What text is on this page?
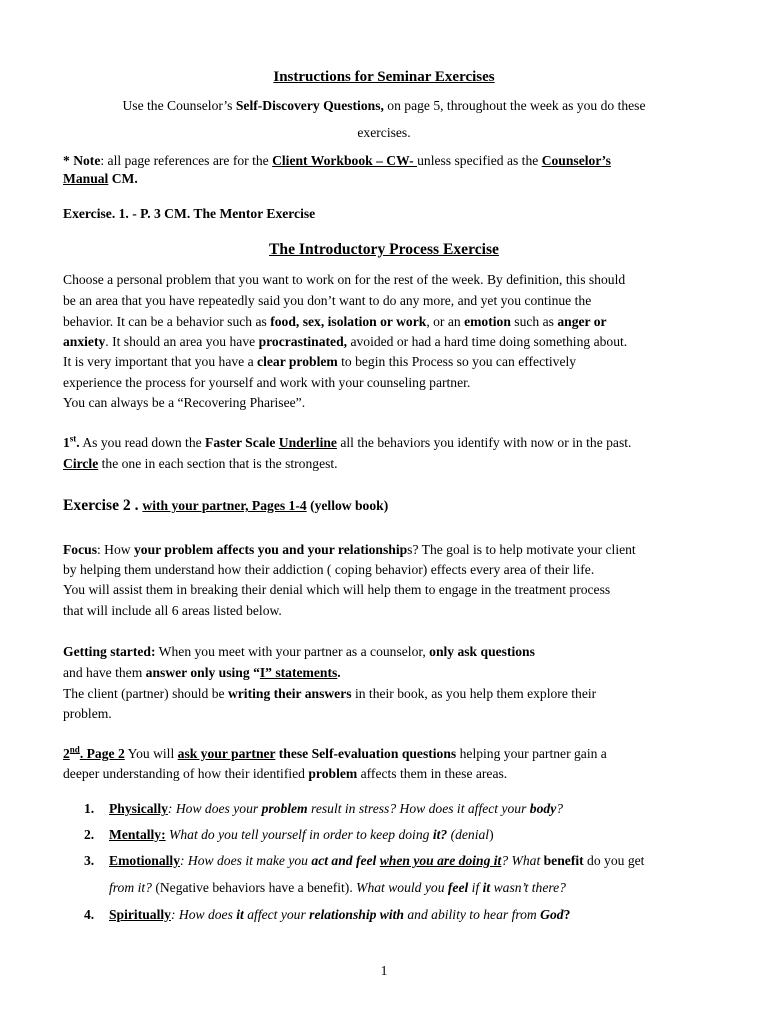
Instructions for Seminar Exercises
Use the Counselor’s Self-Discovery Questions, on page 5, throughout the week as you do these
exercises.
* Note: all page references are for the Client Workbook – CW- unless specified as the Counselor’s
Manual CM.
Exercise. 1. - P. 3 CM. The Mentor Exercise
The Introductory Process Exercise
Choose a personal problem that you want to work on for the rest of the week. By definition, this should
be an area that you have repeatedly said you don’t want to do any more, and yet you continue the
behavior. It can be a behavior such as food, sex, isolation or work, or an emotion such as anger or
anxiety. It should an area you have procrastinated, avoided or had a hard time doing something about.
It is very important that you have a clear problem to begin this Process so you can effectively
experience the process for yourself and work with your counseling partner.
You can always be a “Recovering Pharisee”.
1st. As you read down the Faster Scale Underline all the behaviors you identify with now or in the past.
Circle the one in each section that is the strongest.
Exercise 2 . with your partner, Pages 1-4 (yellow book)
Focus: How your problem affects you and your relationships? The goal is to help motivate your client
by helping them understand how their addiction ( coping behavior) effects every area of their life.
You will assist them in breaking their denial which will help them to engage in the treatment process
that will include all 6 areas listed below.
Getting started: When you meet with your partner as a counselor, only ask questions
and have them answer only using “I” statements.
The client (partner) should be writing their answers in their book, as you help them explore their
problem.
2nd. Page 2 You will ask your partner these Self-evaluation questions helping your partner gain a
deeper understanding of how their identified problem affects them in these areas.
1. Physically: How does your problem result in stress? How does it affect your body?
2. Mentally: What do you tell yourself in order to keep doing it? (denial)
3. Emotionally: How does it make you act and feel when you are doing it? What benefit do you get
from it? (Negative behaviors have a benefit). What would you feel if it wasn’t there?
4. Spiritually: How does it affect your relationship with and ability to hear from God?
1
